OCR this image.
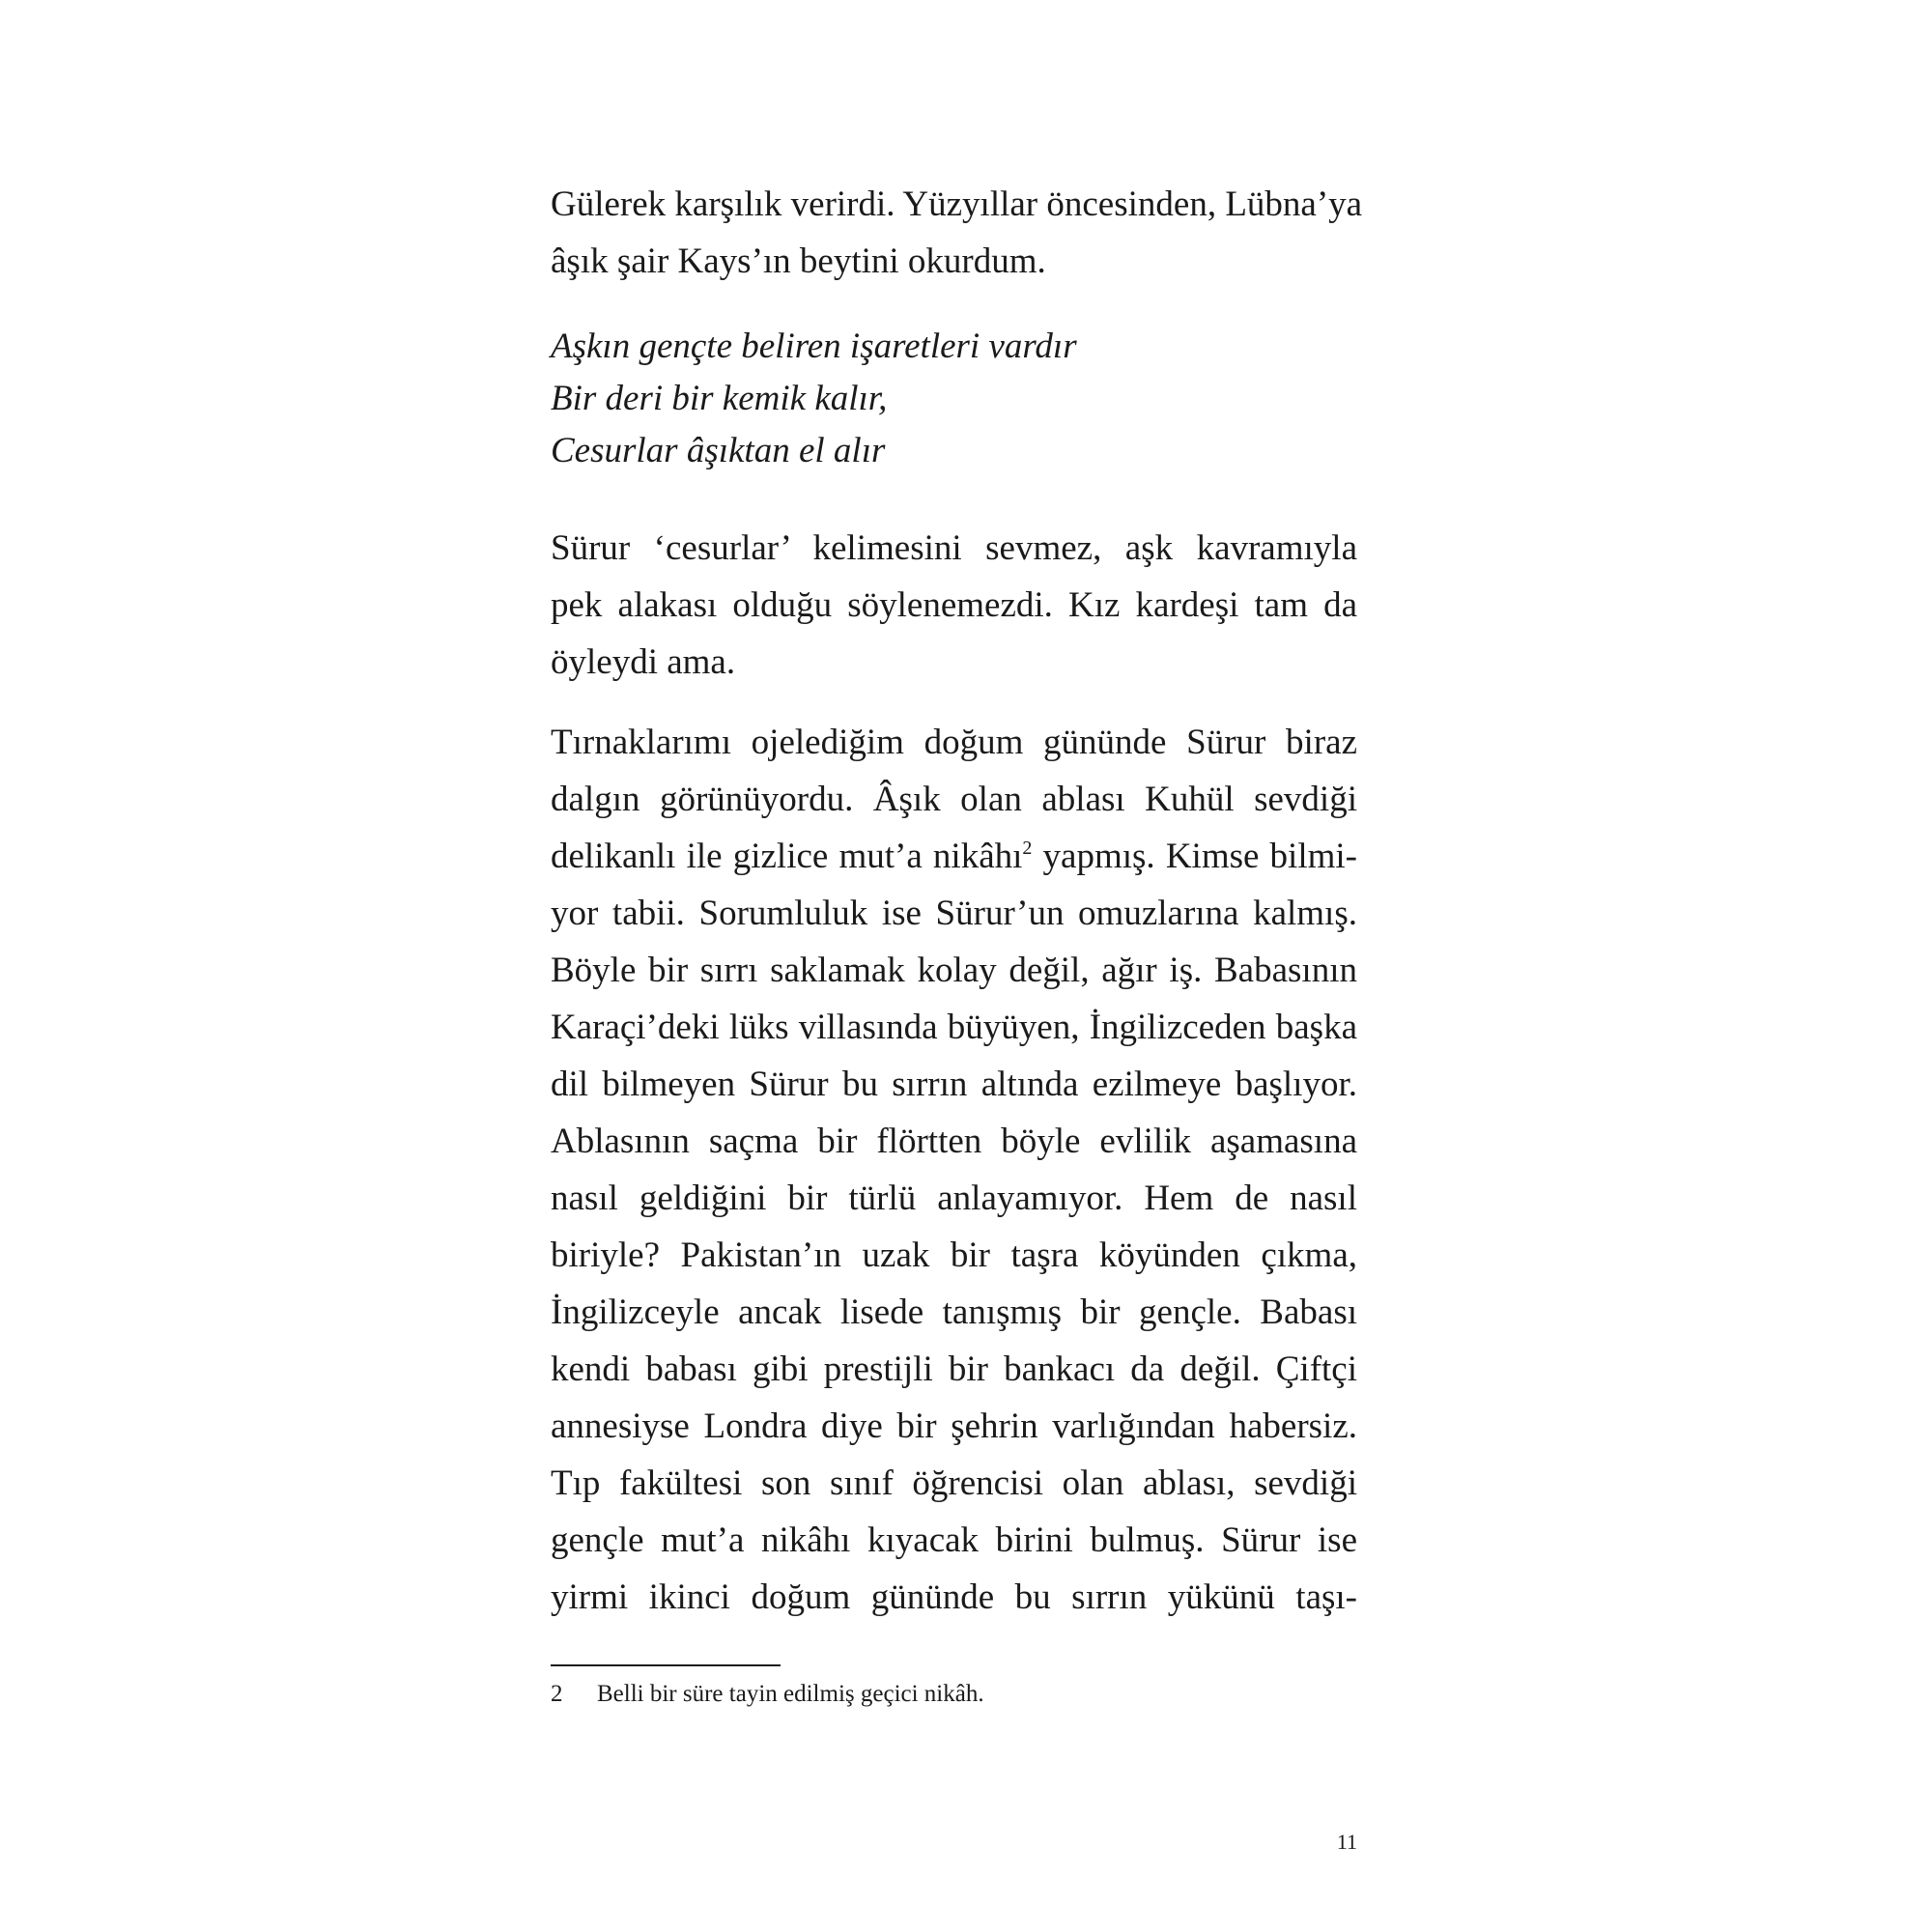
Gülerek karşılık verirdi. Yüzyıllar öncesinden, Lübna’ya
âşık şair Kays’ın beytini okurdum.

Aşkın gençte beliren işaretleri vardır
Bir deri bir kemik kalır,
Cesurlar âşıktan el alır

Sürur ‘cesurlar’ kelimesini sevmez, aşk kavramıyla
pek alakası olduğu söylenemezdi. Kız kardeşi tam da
öyleydi ama.

Tırnaklarımı ojelediğim doğum gününde Sürur biraz
dalgın görünüyordu. Âşık olan ablası Kuhül sevdiği
delikanlı ile gizlice mut’a nikâhı$^2$ yapmış. Kimse bilmi-
yor tabii. Sorumluluk ise Sürur’un omuzlarına kalmış.
Böyle bir sırrı saklamak kolay değil, ağır iş. Babasının
Karaçi’deki lüks villasında büyüyen, İngilizceden başka
dil bilmeyen Sürur bu sırrın altında ezilmeye başlıyor.
Ablasının saçma bir flörtten böyle evlilik aşamasına
nasıl geldiğini bir türlü anlayamıyor. Hem de nasıl
biriyle? Pakistan’ın uzak bir taşra köyünden çıkma,
İngilizceyle ancak lisede tanışmış bir gençle. Babası
kendi babası gibi prestijli bir bankacı da değil. Çiftçi
annesiyse Londra diye bir şehrin varlığından habersiz.
Tıp fakültesi son sınıf öğrencisi olan ablası, sevdiği
gençle mut’a nikâhı kıyacak birini bulmuş. Sürur ise
yirmi ikinci doğum gününde bu sırrın yükünü taşı-

2 Belli bir süre tayin edilmiş geçici nikâh.
11
